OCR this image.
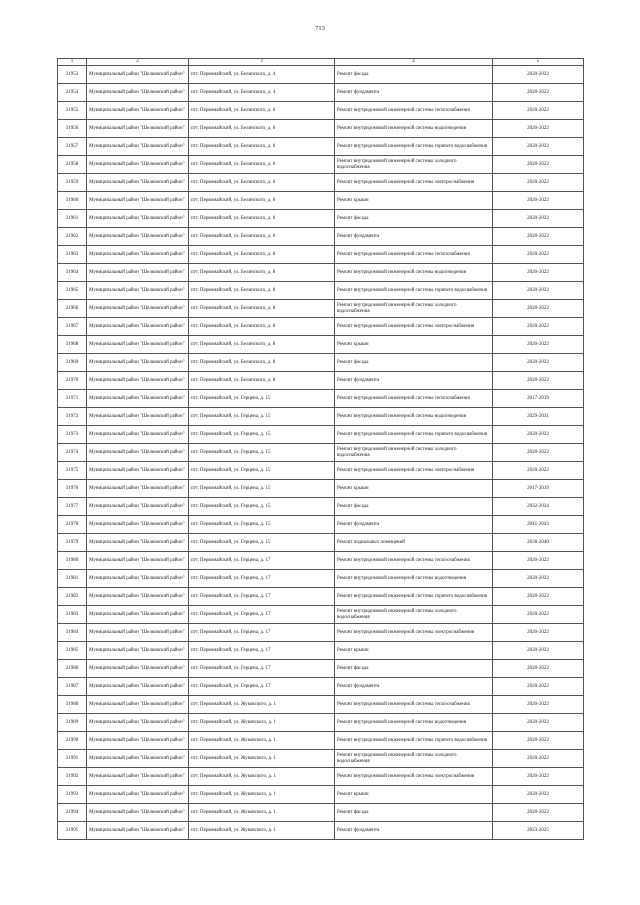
713
1	2	3	4	5
31953	Муниципальный район "Шелковский район"	пгт. Первомайский, ул. Белинского, д. 4	Ремонт фасада	2020-2022
31954	Муниципальный район "Шелковский район"	пгт. Первомайский, ул. Белинского, д. 4	Ремонт фундамента	2020-2022
31955	Муниципальный район "Шелковский район"	пгт. Первомайский, ул. Белинского, д. 6	Ремонт внутридомовой инженерной системы теплоснабжения	2020-2022
31956	Муниципальный район "Шелковский район"	пгт. Первомайский, ул. Белинского, д. 6	Ремонт внутридомовой инженерной системы водоотведения	2020-2022
31957	Муниципальный район "Шелковский район"	пгт. Первомайский, ул. Белинского, д. 6	Ремонт внутридомовой инженерной системы горячего водоснабжения	2020-2022
31958	Муниципальный район "Шелковский район"	пгт. Первомайский, ул. Белинского, д. 6	Ремонт внутридомовой инженерной системы холодного водоснабжения	2020-2022
31959	Муниципальный район "Шелковский район"	пгт. Первомайский, ул. Белинского, д. 6	Ремонт внутридомовой инженерной системы электроснабжения	2020-2022
31960	Муниципальный район "Шелковский район"	пгт. Первомайский, ул. Белинского, д. 6	Ремонт крыши	2020-2022
31961	Муниципальный район "Шелковский район"	пгт. Первомайский, ул. Белинского, д. 6	Ремонт фасада	2020-2022
31962	Муниципальный район "Шелковский район"	пгт. Первомайский, ул. Белинского, д. 6	Ремонт фундамента	2020-2022
31963	Муниципальный район "Шелковский район"	пгт. Первомайский, ул. Белинского, д. 8	Ремонт внутридомовой инженерной системы теплоснабжения	2020-2022
31964	Муниципальный район "Шелковский район"	пгт. Первомайский, ул. Белинского, д. 8	Ремонт внутридомовой инженерной системы водоотведения	2020-2022
31965	Муниципальный район "Шелковский район"	пгт. Первомайский, ул. Белинского, д. 8	Ремонт внутридомовой инженерной системы горячего водоснабжения	2020-2022
31966	Муниципальный район "Шелковский район"	пгт. Первомайский, ул. Белинского, д. 8	Ремонт внутридомовой инженерной системы холодного водоснабжения	2020-2022
31967	Муниципальный район "Шелковский район"	пгт. Первомайский, ул. Белинского, д. 8	Ремонт внутридомовой инженерной системы электроснабжения	2020-2022
31968	Муниципальный район "Шелковский район"	пгт. Первомайский, ул. Белинского, д. 8	Ремонт крыши	2020-2022
31969	Муниципальный район "Шелковский район"	пгт. Первомайский, ул. Белинского, д. 8	Ремонт фасада	2020-2022
31970	Муниципальный район "Шелковский район"	пгт. Первомайский, ул. Белинского, д. 8	Ремонт фундамента	2020-2022
31971	Муниципальный район "Шелковский район"	пгт. Первомайский, ул. Герцена, д. 15	Ремонт внутридомовой инженерной системы теплоснабжения	2017-2019
31972	Муниципальный район "Шелковский район"	пгт. Первомайский, ул. Герцена, д. 15	Ремонт внутридомовой инженерной системы водоотведения	2029-2031
31973	Муниципальный район "Шелковский район"	пгт. Первомайский, ул. Герцена, д. 15	Ремонт внутридомовой инженерной системы горячего водоснабжения	2020-2022
31974	Муниципальный район "Шелковский район"	пгт. Первомайский, ул. Герцена, д. 15	Ремонт внутридомовой инженерной системы холодного водоснабжения	2020-2022
31975	Муниципальный район "Шелковский район"	пгт. Первомайский, ул. Герцена, д. 15	Ремонт внутридомовой инженерной системы электроснабжения	2020-2022
31976	Муниципальный район "Шелковский район"	пгт. Первомайский, ул. Герцена, д. 15	Ремонт крыши	2017-2019
31977	Муниципальный район "Шелковский район"	пгт. Первомайский, ул. Герцена, д. 15	Ремонт фасада	2032-2034
31978	Муниципальный район "Шелковский район"	пгт. Первомайский, ул. Герцена, д. 15	Ремонт фундамента	2041-2043
31979	Муниципальный район "Шелковский район"	пгт. Первомайский, ул. Герцена, д. 15	Ремонт подвальных помещений	2038-2040
31980	Муниципальный район "Шелковский район"	пгт. Первомайский, ул. Герцена, д. 17	Ремонт внутридомовой инженерной системы теплоснабжения	2020-2022
31981	Муниципальный район "Шелковский район"	пгт. Первомайский, ул. Герцена, д. 17	Ремонт внутридомовой инженерной системы водоотведения	2020-2022
31982	Муниципальный район "Шелковский район"	пгт. Первомайский, ул. Герцена, д. 17	Ремонт внутридомовой инженерной системы горячего водоснабжения	2020-2022
31983	Муниципальный район "Шелковский район"	пгт. Первомайский, ул. Герцена, д. 17	Ремонт внутридомовой инженерной системы холодного водоснабжения	2020-2022
31984	Муниципальный район "Шелковский район"	пгт. Первомайский, ул. Герцена, д. 17	Ремонт внутридомовой инженерной системы электроснабжения	2020-2022
31985	Муниципальный район "Шелковский район"	пгт. Первомайский, ул. Герцена, д. 17	Ремонт крыши	2020-2022
31986	Муниципальный район "Шелковский район"	пгт. Первомайский, ул. Герцена, д. 17	Ремонт фасада	2020-2022
31987	Муниципальный район "Шелковский район"	пгт. Первомайский, ул. Герцена, д. 17	Ремонт фундамента	2020-2022
31988	Муниципальный район "Шелковский район"	пгт. Первомайский, ул. Жуковского, д. 1	Ремонт внутридомовой инженерной системы теплоснабжения	2020-2022
31989	Муниципальный район "Шелковский район"	пгт. Первомайский, ул. Жуковского, д. 1	Ремонт внутридомовой инженерной системы водоотведения	2020-2022
31990	Муниципальный район "Шелковский район"	пгт. Первомайский, ул. Жуковского, д. 1	Ремонт внутридомовой инженерной системы горячего водоснабжения	2020-2022
31991	Муниципальный район "Шелковский район"	пгт. Первомайский, ул. Жуковского, д. 1	Ремонт внутридомовой инженерной системы холодного водоснабжения	2020-2022
31992	Муниципальный район "Шелковский район"	пгт. Первомайский, ул. Жуковского, д. 1	Ремонт внутридомовой инженерной системы электроснабжения	2020-2022
31993	Муниципальный район "Шелковский район"	пгт. Первомайский, ул. Жуковского, д. 1	Ремонт крыши	2020-2022
31994	Муниципальный район "Шелковский район"	пгт. Первомайский, ул. Жуковского, д. 1	Ремонт фасада	2020-2022
31995	Муниципальный район "Шелковский район"	пгт. Первомайский, ул. Жуковского, д. 1	Ремонт фундамента	2023-2025
